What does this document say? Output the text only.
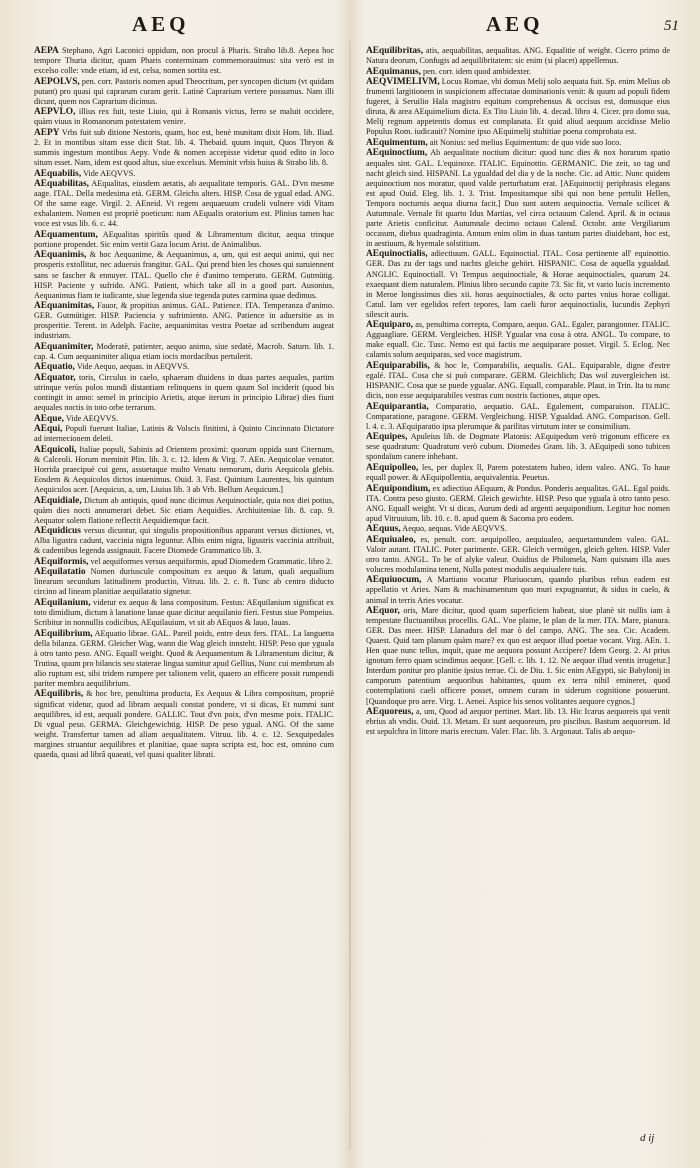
AEQ	AEQ	51

AEPA Stephano, Agri Laconici oppidum, non procul à Pharis. Strabo lib.8. Aepea hoc tempore Thuria dicitur, quam Pharis conterminam commemorauimus: sita verò est in excelso colle: vnde etiam, id est, celsa, nomen sortita est.

AEPOLVS, pen. corr. Pastoris nomen apud Theocritum, per syncopen dictum (vt quidam putant) pro quasi qui caprarum curam gerit. Latinè Caprarium vertere possumus. Nam illi dicunt, quem nos Caprarium dicimus.

AEPVLO, illius rex fuit, teste Liuio, qui à Romanis victus, ferro se maluit occidere, quàm viuus in Romanorum potestatem venire.

AEPY Vrbs fuit sub ditione Nestoris, quam, hoc est, benè munitam dixit Hom. lib. Iliad. 2. Et in montibus sitam esse dicit Stat. lib. 4. Thebaid. quum inquit, Quos Thryon & summis ingestum montibus Aepy. Vnde & nomen accepisse videtur quod edito in loco situm esset. Nam, idem est quod altus, siue excelsus. Meminit vrbis huius & Strabo lib. 8.

AEquabilis, Vide AEQVVS.

AEquabilitas, AEqualitas, eiusdem aetatis, ab aequalitate temporis. GAL. D'vn mesme aage. ITAL. Della medesima età. GERM. Gleichs alters. HISP. Cosa de ygual edad. ANG. Of the same eage. Virgil. 2. AEneid. Vt regem aequaeuum crudeli vulnere vidi Vitam exhalantem. Nomen est propriè poeticum: nam AEqualis oratorium est. Plinius tamen hac voce est vsus lib. 6. c. 44.

AEquamentum, AEqualitas spiritûs quod & Libramentum dicitur, aequa trinque portione propendet. Sic enim vertit Gaza locum Arist. de Animalibus.

AEquanimis, & hoc Aequanime, & Aequanimus, a, um, qui est aequi animi, qui nec prosperis extollitur, nec aduersis frangitur. GAL. Qui prend bien les choses qui suruiennent sans se fascher & ennuyer. ITAL. Quello che è d'animo temperato. GERM. Gutmütig. HISP. Paciente y sufrido. ANG. Patient, which take all in a good part. Ausonius, Aequanimus fiam te iudicante, siue legenda siue tegenda putes carmina quae dedimus.

AEquanimitas, Fauor, & propitius animus. GAL. Patience. ITA. Temperanza d'animo. GER. Gutmütiger. HISP. Paciencia y sufrimiento. ANG. Patience in aduersitie as in prosperitie. Terent. in Adelph. Facite, aequanimitas vestra Poetae ad scribendum augeat industriam.

AEquanimiter, Moderatè, patienter, aequo animo, siue sedatè, Macrob. Saturn. lib. 1. cap. 4. Cum aequanimiter aliqua etiam iocis mordacibus pertulerit.

AEquatio, Vide Aequo, aequas. in AEQVVS.

AEquator, toris, Circulus in caelo, sphaeram diuidens in duas partes aequales, partim utrinque verùs polos mundi distantiam relinquens in quem quum Sol inciderit (quod bis contingit in anno: semel in principio Arietis, atque iterum in principio Librae) dies fiunt aequales noctis in toto orbe terrarum.

AEque, Vide AEQVVS.

AEqui, Populi fuerunt Italiae, Latinis & Volscis finitimi, à Quinto Cincinnato Dictatore ad internecionem deleti.

AEquicoli, Italiae populi, Sabinis ad Orientem proximi: quorum oppida sunt Citernum, & Calceoli. Horum meminit Plin. lib. 3. c. 12. Idem & Virg. 7. AEn. Aequicolae venator. Horrida praecipuè cui gens, assuetaque multo Venatu nemorum, duris Aequicola glebis. Eosdem & Aequicolos dictos inuenimus. Ouid. 3. Fast. Quintum Laurentes, bis quintum Aequiculos acer. [Aequicus, a, um, Liuius lib. 3 ab Vrb. Bellum Aequicum.]

AEquidiale, Dictum ab antiquis, quod nunc dicimus Aequinoctiale, quia nox diei potius, quàm dies nocti annumerari debet. Sic etiam Aequidies. Archiuiteniae lib. 8. cap. 9. Aequator solem flatione reflectit Aequidiemque facit.

AEquidicus versus dicuntur, qui singulis propositionibus apparant versus dictiones, vt, Alba ligustra cadunt, vaccinia nigra leguntur. Albis enim nigra, ligustris vaccinia attribuit, & cadentibus legenda assignauit. Facere Diomede Grammatico lib. 3.

AEquiformis, vel aequiformes versus aequiformis, apud Diomedem Grammatic. libro 2.

AEquilatatio Nomen duriuscule compositum ex aequo & latum, quali aequalium linearum secundum latitudinem productio, Vitruu. lib. 2. c. 8. Tunc ab centro diducto circino ad lineam planitiae aequilatatio signetur.

AEquilanium, videtur ex aequo & lana compositum. Festus: AEquilanium significat ex toto dimidium, dictum à lanatione lanae quae dicitur aequilanio fieri. Festus siue Pompeius. Scribitur in nonnullis codicibus, AEquilauium, vt sit ab AEquos & lauo, lauas.

AEquilibrium, AEquatio librae. GAL. Pareil poids, entre deux fers. ITAL. La languetta della bilanza. GERM. Gleicher Wag, wann die Wag gleich innsteht. HISP. Peso que yguala à otro tanto peso. ANG. Equall weight. Quod & Aequamentum & Libramentum dicitur, & Trutina, quum pro bilancis seu staterae lingua sumitur apud Gellius, Nunc cui membrum ab alio ruptum est, sibi tridem rumpere per talionem velit, quaero an efficere possit rumpendi pariter membra aequilibrium.

AEquilibris, & hoc bre, penultima producta, Ex Aequus & Libra compositum, propriè significat videtur, quod ad libram aequali constat pondere, vt si dicas, Et nummi sunt aequilibres, id est, aequali pondere. GALLIC. Tout d'vn poix, d'vn mesme poix. ITALIC. Di vgual peso. GERMA. Gleichgewichtig. HISP. De peso ygual. ANG. Of the same weight. Transfertur tamen ad aliam aequalitatem. Vitruu. lib. 4. c. 12. Sexquipedales margines struantur aequilibres et planitiae, quae supra scripta est, hoc est, omnino cum quaeda, quasi ad librâ quaeati, vel quasi qualiter librati.

AEquilibritas, atis, aequabilitas, aequalitas. ANG. Equalitie of weight. Cicero primo de Natura deorum, Confugis ad aequilibritatem: sic enim (si placet) appellemus.

AEquimanus, pen. corr. idem quod ambidexter.

AEQVIMELIVM, Locus Romae, vbi domus Melij solo aequata fuit. Sp. enim Melius ob frumenti largitionem in suspicionem affectatae dominationis venit: & quum ad populi fidem fugeret, à Seruilio Hala magistro equitum comprehensus & occisus est, domusque eius diruta, & area AEquimelium dicta. Ex Tito Liuio lib. 4. decad. libro 4. Cicer. pro domo sua, Melij regnum appetentis domus est complanata. Et quid aliud aequum accidisse Melio Populus Rom. iudicauit? Nomine ipso AEquimelij stultitiae poena comprobata est.

AEquimentum, ait Nonius: sed melius Equimentum: de quo vide suo loco.

AEquinoctium, Ab aequalitate noctium dicitur: quod tunc dies & nox horarum spatio aequales sint. GAL. L'equinoxe. ITALIC. Equinottio. GERMANIC. Die zeit, so tag und nacht gleich sind. HISPANI. La ygualdad del dia y de la noche. Cic. ad Attic. Nunc quidem aequinoctium nos moratur, quod valde perturbatum erat. [AEquinoctij periphrasis elegans est apud Ouid. Eleg. lib. 1. 3. Trist. Impositamque sibi qui non bene pertulit Hellen, Tempora nocturnis aequa diurna facit.] Duo sunt autem aequinoctia. Vernale scilicet & Autumnale. Vernale fit quarto Idus Martias, vel circa octauum Calend. April. & in octaua parte Arietis conficitur. Autumnale decimo octauo Calend. Octobr. ante Vergiliarum occasum, diebus quadraginta. Annum enim olim in duas tantum partes diuidebant, hoc est, in aestiuum, & hyemale solstitium.

AEquinoctialis, adiectiuum. GALL. Equinoctial. ITAL. Cosa pertinente all' equinottio. GER. Das zu der tags und nachts gleiche gehört. HISPANIC. Cosa de aquella ygualdad. ANGLIC. Equinoctiall. Vt Tempus aequinoctiale, & Horae aequinoctiales, quarum 24. exaequant diem naturalem. Plinius libro secundo capite 73. Sic fit, vt vario lucis incremento in Meroe longissimus dies xii. horas aequinoctiales, & octo partes vnius horae colligat. Catul. Iam ver egelidos refert tepores, Iam caeli furor aequinoctialis, Iucundis Zephyri silescit auris.

AEquiparo, as, penultima correpta, Comparo, aequo. GAL. Egaler, parangonner. ITALIC. Agguagliare. GERM. Vergleichen. HISP. Ygualar vna cosa à otra. ANGL. To compare, to make equall. Cic. Tusc. Nemo est qui factis me aequiparare posset. Virgil. 5. Eclog. Nec calamis solum aequiparas, sed voce magistrum.

AEquiparabilis, & hoc le, Comparabilis, aequalis. GAL. Equiparable, digne d'estre egalé. ITAL. Cosa che si può comparare. GERM. Gleichlich; Das wol zuvergleichen ist. HISPANIC. Cosa que se puede ygualar. ANG. Equall, comparable. Plaut. in Trin. Ita tu nunc dicis, non esse aequiparabiles vestras cum nostris factiones, atque opes.

AEquiparantia, Comparatio, aequatio. GAL. Egalement, comparaison. ITALIC. Comparatione, paragone. GERM. Vergleichung. HISP. Ygualdad. ANG. Comparison. Gell. l. 4. c. 3. AEquiparatio ipsa plerumque & parilitas virtutum inter se consimilium.

AEquipes, Apuleius lib. de Dogmate Platonis: AEquipedum verò trigonum efficere ex sese quadratum: Quadratum verò cubum. Diomedes Gram. lib. 3. AEquipedi sono tubicen spondaïum canere inhebant.

AEquipolleo, les, per duplex ll, Parem potestatem habeo, idem valeo. ANG. To haue equall power. & AEquipollentia, aequivalentia. Peuetus.

AEquipondium, ex adiectiuo AEquum, & Pondus. Ponderis aequalitas. GAL. Egal poids. ITA. Contra peso giusto. GERM. Gleich gewichte. HISP. Peso que yguala à otro tanto peso. ANG. Equall weight. Vt si dicas, Aurum dedi ad argenti aequipondium. Legitur hoc nomen apud Vitruuium, lib. 10. c. 8. apud quem & Sacoma pro eodem.

AEquus, Aequo, aequas. Vide AEQVVS.

AEquiualeo, es, penult. corr. aequipolleo, aequiualeo, aequetantundem valeo. GAL. Valoir autant. ITALIC. Poter parimente. GER. Gleich vermögen, gleich gelten. HISP. Valer otro tanto. ANGL. To be of alyke valeur. Ouidius de Philomela, Nam quisnam illa aues volucres modulamina tenent, Nulla potest modulis aequiualere tuis.

AEquiuocum, A Martiano vocatur Pluriuocum, quando pluribus rebus eadem est appellatio vt Aries. Nam & machinamentum quo muri expugnantur, & sidus in caelo, & animal in terris Aries vocatur.

AEquor, oris, Mare dicitur, quod quam superficiem habeat, siue planè sit nullis iam à tempestate fluctuantibus procellis. GAL. Vne plaine, le plan de la mer. ITA. Mare, pianura. GER. Das meer. HISP. Llanadura del mar ò del campo. ANG. The sea. Cic. Academ. Quaest. Quid tam planum quàm mare? ex quo est aequor illud poetae vocant. Virg. AEn. 1. Hen quae nunc tellus, inquit, quae me aequora possunt Accipere? Idem Georg. 2. At prius ignotum ferro quam scindimus aequor. [Gell. c. lib. 1. 12. Ne aequor illud ventis irrugetur.] Interdum ponitur pro planitie ipsius terrae. Ci. de Diu. 1. Sic enim AEgypti, sic Babylonij in camporum patentium aequoribus habitantes, quum ex terra nihil emineret, quod contemplationi caeli officere posset, omnem curam in siderum cognitione posuerunt. [Quandoque pro aere. Virg. 1. Aenei. Aspice bis senos volitantes aequore cygnos.]

AEquoreus, a, um, Quod ad aequor pertinet. Mart. lib. 13. Hic Icarus aequoreis qui venit ebrius ab vndis. Ouid. 13. Metam. Et sunt aequoreum, pro piscibus. Bastum aequoreum. Id est sepulchra in littore maris erectum. Valer. Flac. lib. 3. Argonaut. Talis ab aequo-

d ij
